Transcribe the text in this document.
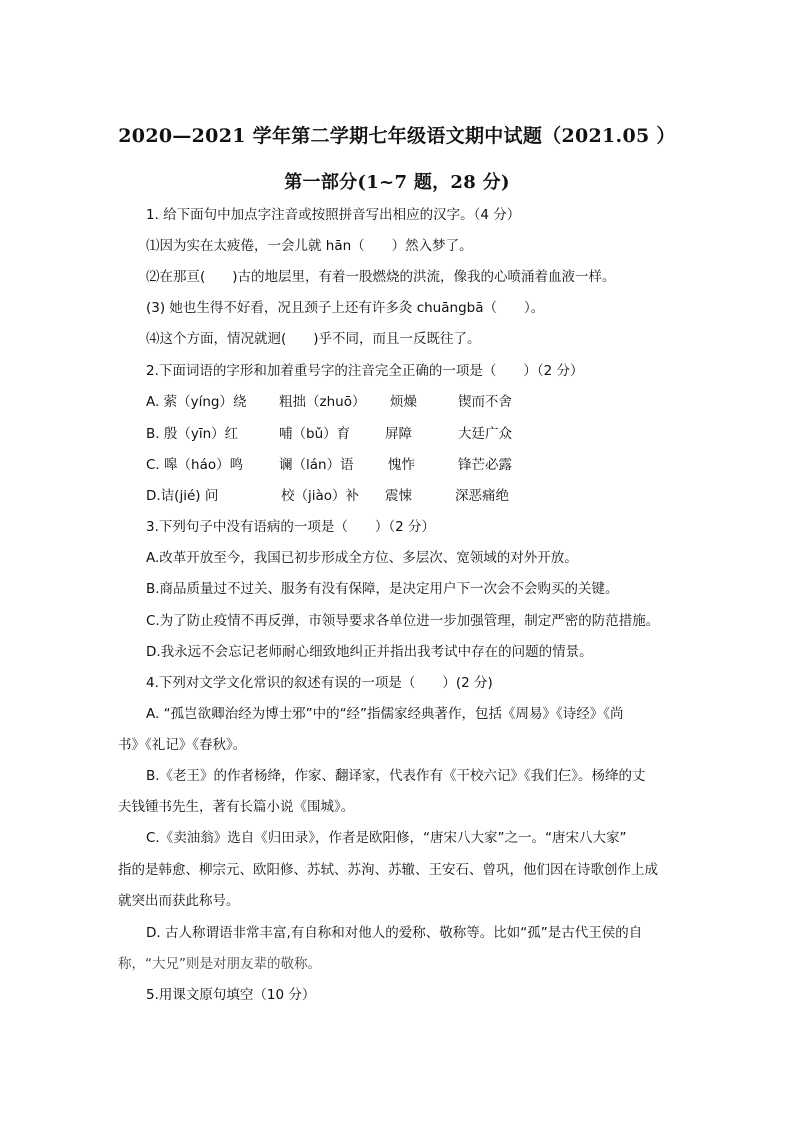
2020—2021 学年第二学期七年级语文期中试题（2021.05 ）
第一部分(1~7 题，28 分)
1. 给下面句中加点字注音或按照拼音写出相应的汉字。（4 分）
⑴因为实在太疲倦，一会儿就 hān（　　）然入梦了。
⑵在那亘(　　)古的地层里，有着一股燃烧的洪流，像我的心喷涌着血液一样。
(3) 她也生得不好看，况且颈子上还有许多灸 chuāngbā（　　）。
⑷这个方面，情况就迥(　　)乎不同，而且一反既往了。
2.下面词语的字形和加着重号字的注音完全正确的一项是（　　）（2 分）
A. 萦（yíng）绕 粗拙（zhuō） 烦燥	锲而不舍
B. 殷（yīn）红	哺（bǔ）育	屏障	大廷广众
C. 嗥（háo）鸣	谰（lán）语	愧怍	锋芒必露
D.诘(jié) 问	校（jiào）补 震悚	深恶痛绝
3.下列句子中没有语病的一项是（　　）（2 分）
A.改革开放至今，我国已初步形成全方位、多层次、宽领域的对外开放。
B.商品质量过不过关、服务有没有保障，是决定用户下一次会不会购买的关键。
C.为了防止疫情不再反弹，市领导要求各单位进一步加强管理，制定严密的防范措施。
D.我永远不会忘记老师耐心细致地纠正并指出我考试中存在的问题的情景。
4.下列对文学文化常识的叙述有误的一项是（　　）(2 分)
A. “孤岂欲卿治经为博士邪”中的“经”指儒家经典著作，包括《周易》《诗经》《尚
书》《礼记》《春秋》。
B.《老王》的作者杨绛，作家、翻译家，代表作有《干校六记》《我们仨》。杨绛的丈
夫钱锺书先生，著有长篇小说《围城》。
C.《卖油翁》选自《归田录》，作者是欧阳修，“唐宋八大家”之一。“唐宋八大家”
指的是韩愈、柳宗元、欧阳修、苏轼、苏洵、苏辙、王安石、曾巩，他们因在诗歌创作上成
就突出而获此称号。
D. 古人称谓语非常丰富,有自称和对他人的爱称、敬称等。比如“孤”是古代王侯的自
称，“大兄”则是对朋友辈的敬称。
5.用课文原句填空（10 分）
